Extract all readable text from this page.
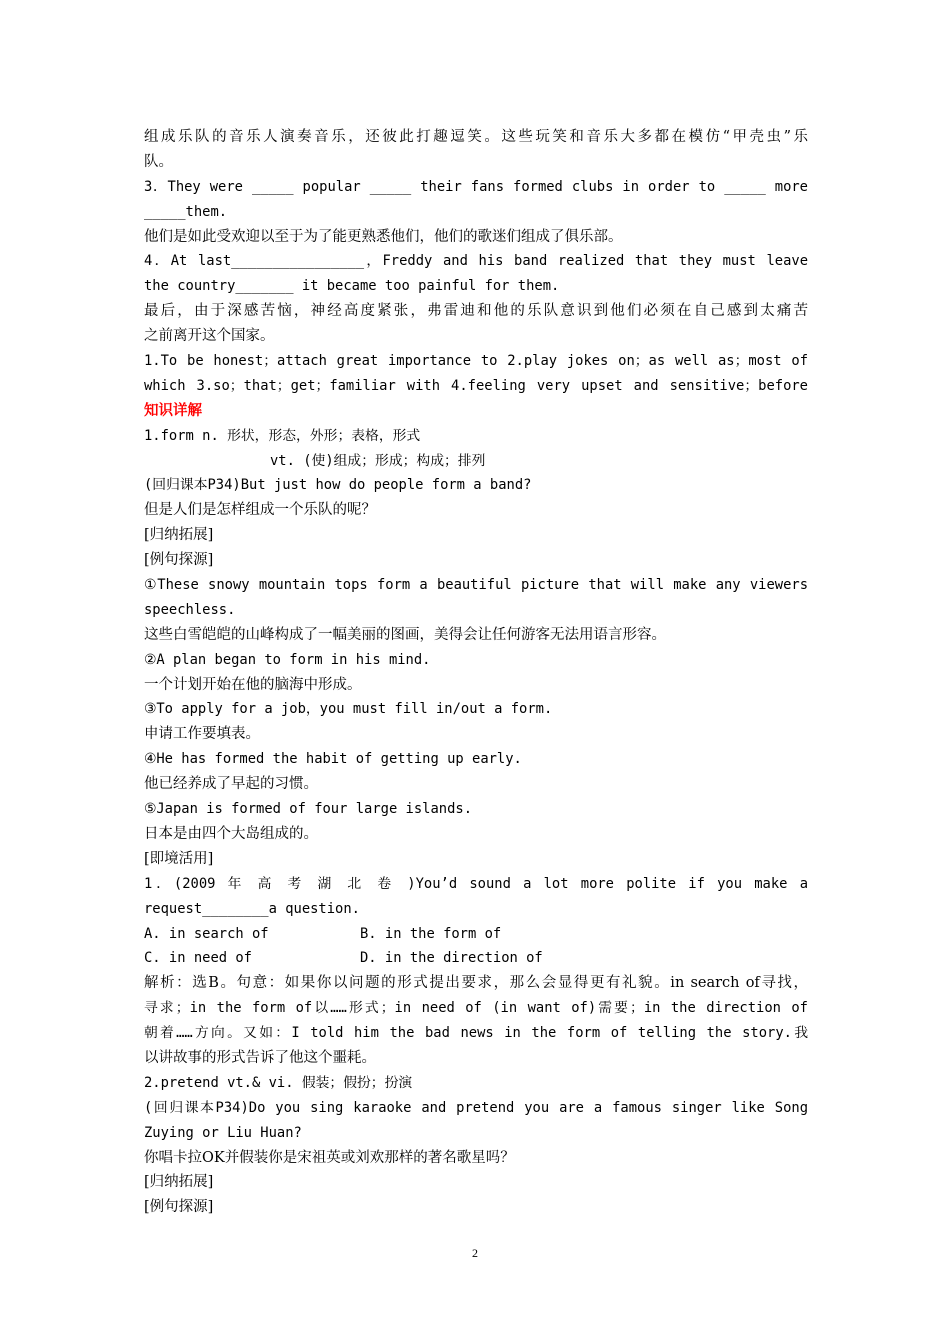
组成乐队的音乐人演奏音乐，还彼此打趣逗笑。这些玩笑和音乐大多都在模仿“甲壳虫”乐
队。
3．They were _____ popular _____ their fans formed clubs in order to _____ more
_____them.
他们是如此受欢迎以至于为了能更熟悉他们，他们的歌迷们组成了俱乐部。
4．At last________________，Freddy and his band realized that they must leave
the country_______ it became too painful for them.
最后，由于深感苦恼，神经高度紧张，弗雷迪和他的乐队意识到他们必须在自己感到太痛苦
之前离开这个国家。
1.To be honest；attach great importance to 2.play jokes on；as well as；most of
which 3.so；that；get；familiar with 4.feeling very upset and sensitive；before
知识详解
1.form n. 形状，形态，外形；表格，形式
vt. (使)组成；形成；构成；排列
(回归课本P34)But just how do people form a band?
但是人们是怎样组成一个乐队的呢？
[归纳拓展]
[例句探源]
①These snowy mountain tops form a beautiful picture that will make any viewers
speechless.
这些白雪皑皑的山峰构成了一幅美丽的图画，美得会让任何游客无法用语言形容。
②A plan began to form in his mind.
一个计划开始在他的脑海中形成。
③To apply for a job，you must fill in/out a form.
申请工作要填表。
④He has formed the habit of getting up early.
他已经养成了早起的习惯。
⑤Japan is formed of four large islands.
日本是由四个大岛组成的。
[即境活用]
1．(2009 年 高 考 湖 北 卷 )You’d sound a lot more polite if you make a
request________a question.
A. in search of	B. in the form of
C. in need of	D. in the direction of
解析：选B。句意：如果你以问题的形式提出要求，那么会显得更有礼貌。in search of寻找，
寻求；in the form of以……形式；in need of (in want of)需要；in the direction of
朝着……方向。又如：I told him the bad news in the form of telling the story.我
以讲故事的形式告诉了他这个噩耗。
2.pretend vt.& vi. 假装；假扮；扮演
(回归课本P34)Do you sing karaoke and pretend you are a famous singer like Song
Zuying or Liu Huan?
你唱卡拉OK并假装你是宋祖英或刘欢那样的著名歌星吗？
[归纳拓展]
[例句探源]
2
